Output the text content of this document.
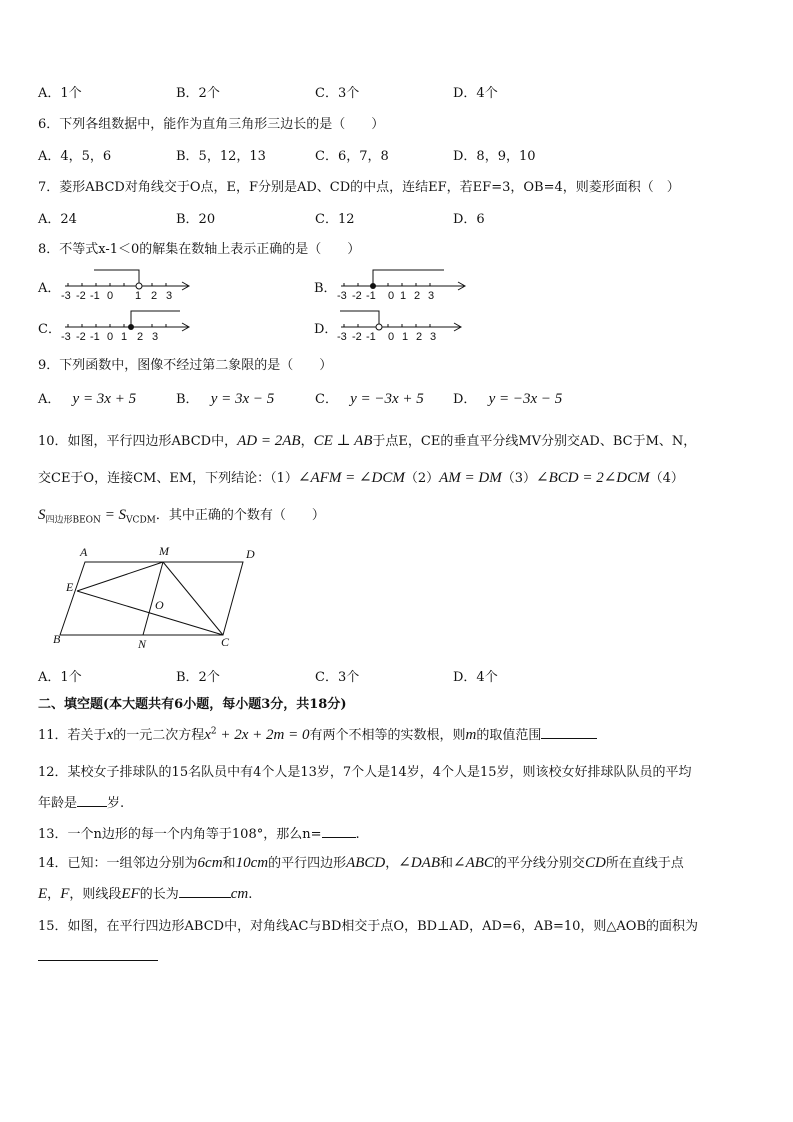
A．1个	B．2个	C．3个	D．4个
6．下列各组数据中，能作为直角三角形三边长的是（　　）
A．4，5，6	B．5，12，13	C．6，7，8	D．8，9，10
7．菱形ABCD对角线交于O点，E，F分别是AD、CD的中点，连结EF，若EF=3，OB=4，则菱形面积（　）
A．24	B．20	C．12	D．6
8．不等式x-1＜0的解集在数轴上表示正确的是（　　）
A．	B．
C．	D．
-3 -2 -1 0 1 2 3	-3 -2 -1 0 1 2 3
-3 -2 -1 0 1 2 3	-3 -2 -1 0 1 2 3
9．下列函数中，图像不经过第二象限的是（　　）
A． y = 3x + 5	B． y = 3x − 5	C． y = −3x + 5 D． y = −3x − 5
10．如图，平行四边形ABCD中，AD = 2AB，CE ⊥ AB于点E，CE的垂直平分线MV分别交AD、BC于M、N，
交CE于O，连接CM、EM，下列结论：（1）∠AFM = ∠DCM（2）AM = DM（3）∠BCD = 2∠DCM（4）
$S_{四边形BEON} = S_{VCDM}$．其中正确的个数有（　　）
A	M	D
E
O
B	N	C
A．1个	B．2个	C．3个	D．4个
二、填空题(本大题共有6小题，每小题3分，共18分)
11．若关于x的一元二次方程$x^2 + 2x + 2m = 0$有两个不相等的实数根，则m的取值范围
12．某校女子排球队的15名队员中有4个人是13岁，7个人是14岁，4个人是15岁，则该校女好排球队队员的平均
年龄是 岁.
13．一个n边形的每一个内角等于108°，那么n=	.
14．已知：一组邻边分别为6cm和10cm的平行四边形ABCD，∠DAB和∠ABC的平分线分别交CD所在直线于点
E，F，则线段EF的长为	cm.
15．如图，在平行四边形ABCD中，对角线AC与BD相交于点O，BD⊥AD，AD=6，AB=10，则△AOB的面积为
